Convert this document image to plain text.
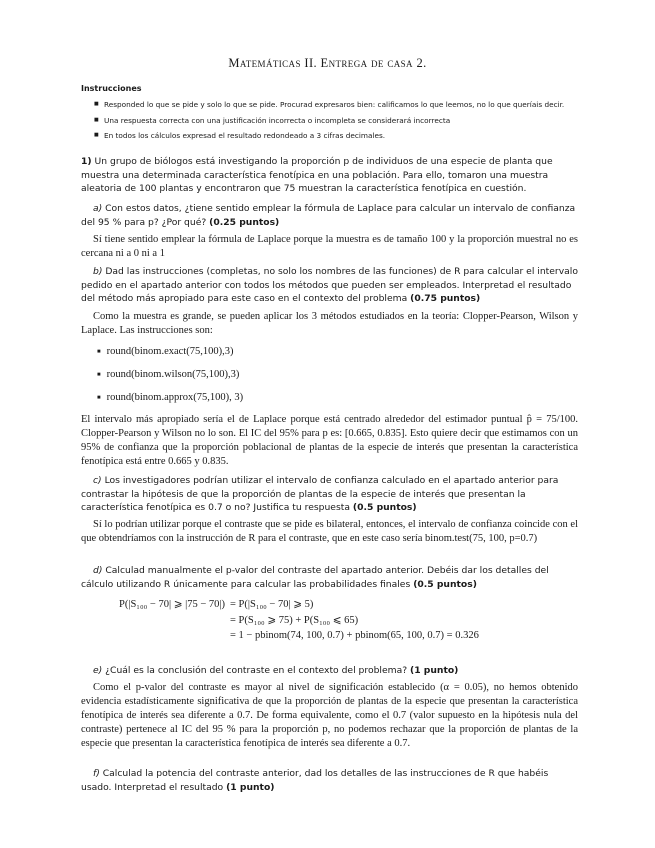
Matemáticas II. Entrega de casa 2.
Instrucciones
■ Responded lo que se pide y solo lo que se pide. Procurad expresaros bien: calificamos lo que leemos, no lo que queríais decir.
■ Una respuesta correcta con una justificación incorrecta o incompleta se considerará incorrecta
■ En todos los cálculos expresad el resultado redondeado a 3 cifras decimales.
1) Un grupo de biólogos está investigando la proporción p de individuos de una especie de planta que muestra una determinada característica fenotípica en una población. Para ello, tomaron una muestra aleatoria de 100 plantas y encontraron que 75 muestran la característica fenotípica en cuestión.
a) Con estos datos, ¿tiene sentido emplear la fórmula de Laplace para calcular un intervalo de confianza del 95 % para p? ¿Por qué? (0.25 puntos)
Sí tiene sentido emplear la fórmula de Laplace porque la muestra es de tamaño 100 y la proporción muestral no es cercana ni a 0 ni a 1
b) Dad las instrucciones (completas, no solo los nombres de las funciones) de R para calcular el intervalo pedido en el apartado anterior con todos los métodos que pueden ser empleados. Interpretad el resultado del método más apropiado para este caso en el contexto del problema (0.75 puntos)
Como la muestra es grande, se pueden aplicar los 3 métodos estudiados en la teoría: Clopper-Pearson, Wilson y Laplace. Las instrucciones son:
■ round(binom.exact(75,100),3)
■ round(binom.wilson(75,100),3)
■ round(binom.approx(75,100), 3)
El intervalo más apropiado sería el de Laplace porque está centrado alrededor del estimador puntual p̂ = 75/100. Clopper-Pearson y Wilson no lo son. El IC del 95% para p es: [0.665, 0.835]. Esto quiere decir que estimamos con un 95% de confianza que la proporción poblacional de plantas de la especie de interés que presentan la característica fenotípica está entre 0.665 y 0.835.
c) Los investigadores podrían utilizar el intervalo de confianza calculado en el apartado anterior para contrastar la hipótesis de que la proporción de plantas de la especie de interés que presentan la característica fenotípica es 0.7 o no? Justifica tu respuesta (0.5 puntos)
Sí lo podrían utilizar porque el contraste que se pide es bilateral, entonces, el intervalo de confianza coincide con el que obtendríamos con la instrucción de R para el contraste, que en este caso sería binom.test(75, 100, p=0.7)
d) Calculad manualmente el p-valor del contraste del apartado anterior. Debéis dar los detalles del cálculo utilizando R únicamente para calcular las probabilidades finales (0.5 puntos)
P(|S₁₀₀ − 70| ⩾ |75 − 70|) = P(|S₁₀₀ − 70| ⩾ 5)
= P(S₁₀₀ ⩾ 75) + P(S₁₀₀ ⩽ 65)
= 1 − pbinom(74, 100, 0.7) + pbinom(65, 100, 0.7) = 0.326
e) ¿Cuál es la conclusión del contraste en el contexto del problema? (1 punto)
Como el p-valor del contraste es mayor al nivel de significación establecido (α = 0.05), no hemos obtenido evidencia estadísticamente significativa de que la proporción de plantas de la especie que presentan la característica fenotípica de interés sea diferente a 0.7. De forma equivalente, como el 0.7 (valor supuesto en la hipótesis nula del contraste) pertenece al IC del 95 % para la proporción p, no podemos rechazar que la proporción de plantas de la especie que presentan la característica fenotípica de interés sea diferente a 0.7.
f) Calculad la potencia del contraste anterior, dad los detalles de las instrucciones de R que habéis usado. Interpretad el resultado (1 punto)
